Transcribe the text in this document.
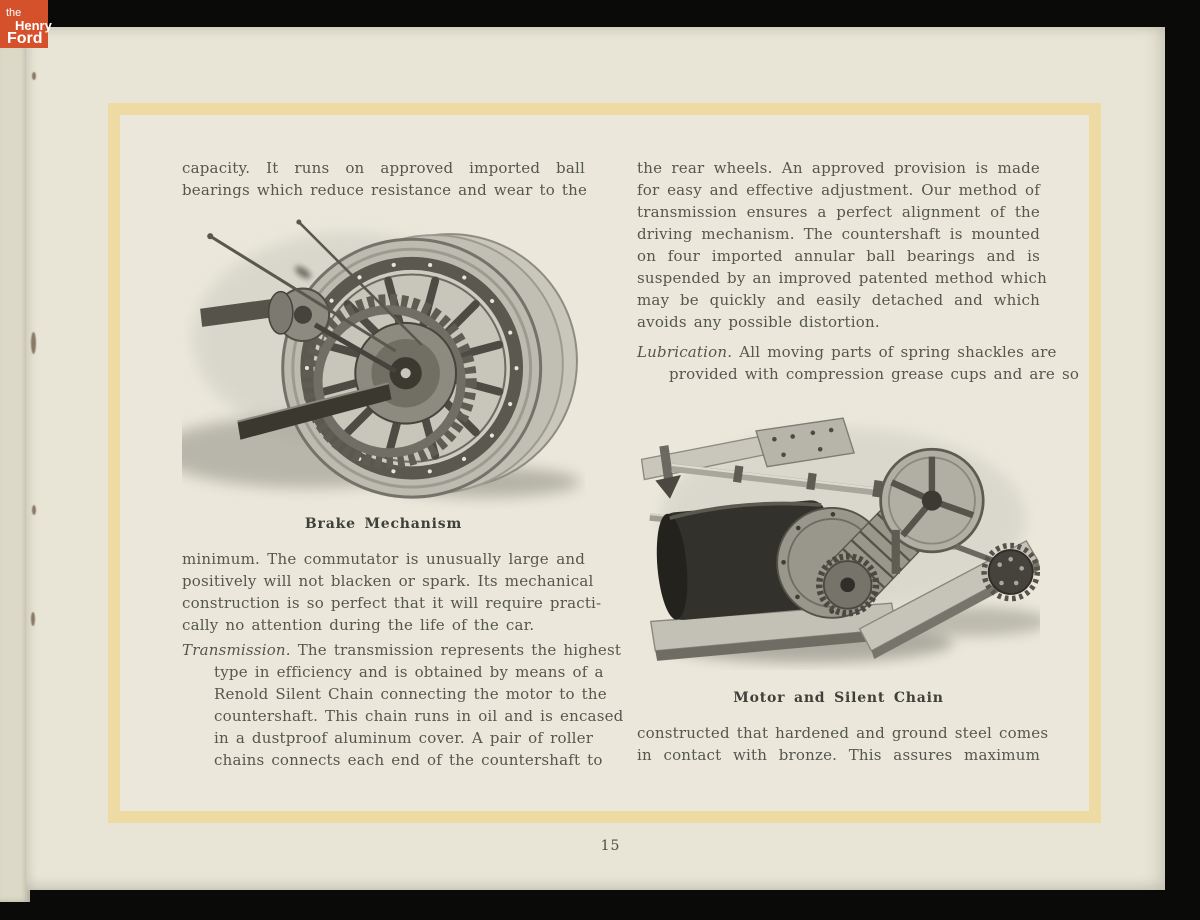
capacity. It runs on approved imported ball
bearings which reduce resistance and wear to the
Brake Mechanism
minimum. The commutator is unusually large and
positively will not blacken or spark. Its mechanical
construction is so perfect that it will require practi-
cally no attention during the life of the car.
Transmission. The transmission represents the highest
type in efficiency and is obtained by means of a
Renold Silent Chain connecting the motor to the
countershaft. This chain runs in oil and is encased
in a dustproof aluminum cover. A pair of roller
chains connects each end of the countershaft to
the rear wheels. An approved provision is made
for easy and effective adjustment. Our method of
transmission ensures a perfect alignment of the
driving mechanism. The countershaft is mounted
on four imported annular ball bearings and is
suspended by an improved patented method which
may be quickly and easily detached and which
avoids any possible distortion.
Lubrication. All moving parts of spring shackles are
provided with compression grease cups and are so
Motor and Silent Chain
constructed that hardened and ground steel comes
in contact with bronze. This assures maximum
15
the
Henry
Ford
